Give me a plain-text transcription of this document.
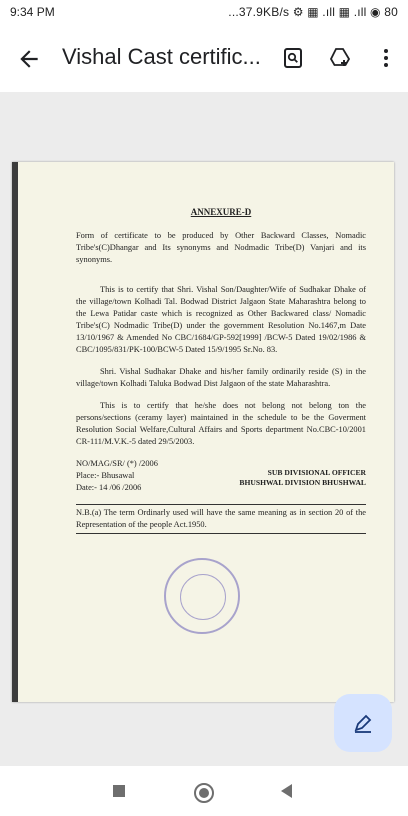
9:34 PM	...37.9KB/s ⚙ ▦ .ıll ▦ .ıll ◉ 80
Vishal Cast certific...

ANNEXURE-D

Form of certificate to be produced by Other Backward Classes, Nomadic Tribe's(C)Dhangar and Its synonyms and Nodmadic Tribe(D) Vanjari and its synonyms.

This is to certify that Shri. Vishal Son/Daughter/Wife of Sudhakar Dhake of the village/town Kolhadi Tal. Bodwad District Jalgaon State Maharashtra belong to the Lewa Patidar caste which is recognized as Other Backwared class/ Nomadic Tribe's(C) Nodmadic Tribe(D) under the government Resolution No.1467,m Date 13/10/1967 & Amended No CBC/1684/GP-592[1999] /BCW-5 Dated 19/02/1986 & CBC/1095/831/PK-100/BCW-5 Dated 15/9/1995 Sr.No. 83.

Shri. Vishal Sudhakar Dhake and his/her family ordinarily reside (S) in the village/town Kolhadi Taluka Bodwad Dist Jalgaon of the state Maharashtra.

This is to certify that he/she does not belong not belong ton the persons/sections (ceramy layer) maintained in the schedule to be the Goverment Resolution Social Welfare,Cultural Affairs and Sports department No.CBC-10/2001 CR-111/M.V.K.-5 dated 29/5/2003.

NO/MAG/SR/ (*) /2006

Place:- Bhusawal

Date:- 14 /06 /2006

SUB DIVISIONAL OFFICER

BHUSHWAL DIVISION BHUSHWAL

N.B.(a) The term Ordinarly used will have the same meaning as in section 20 of the Representation of the people Act.1950.
